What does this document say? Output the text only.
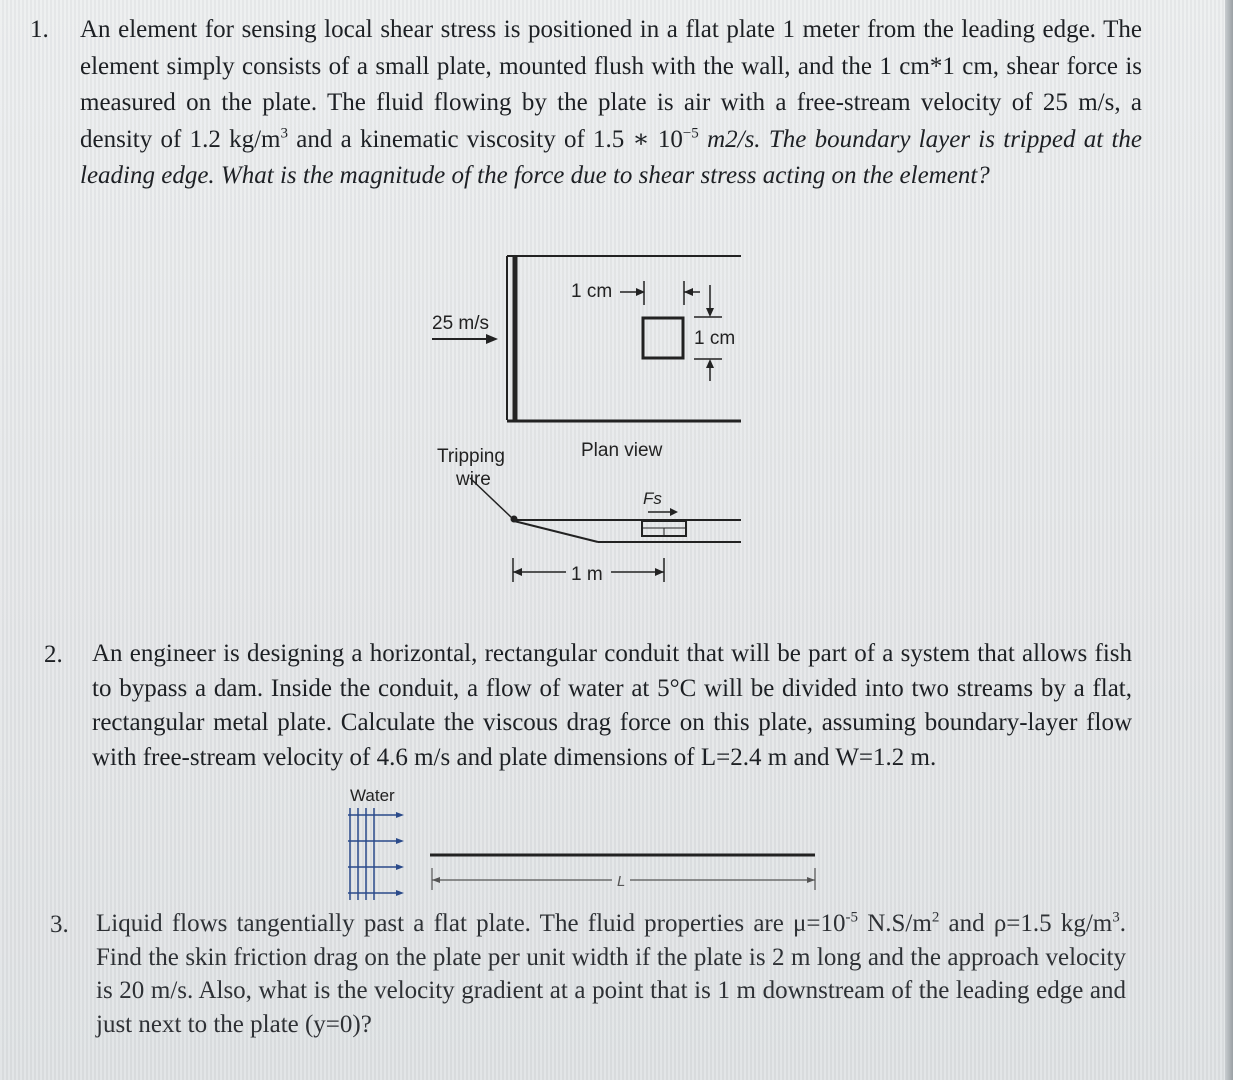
1. An element for sensing local shear stress is positioned in a flat plate 1 meter from the leading edge. The element simply consists of a small plate, mounted flush with the wall, and the 1 cm*1 cm, shear force is measured on the plate. The fluid flowing by the plate is air with a free-stream velocity of 25 m/s, a density of 1.2 $kg/m^3$ and a kinematic viscosity of 1.5 ∗ $10^{-5}$ m2/s. The boundary layer is tripped at the leading edge. What is the magnitude of the force due to shear stress acting on the element?
25 m/s
1 cm
1 cm
Plan view
Tripping
wire
Fs
1 m
2. An engineer is designing a horizontal, rectangular conduit that will be part of a system that allows fish to bypass a dam. Inside the conduit, a flow of water at 5°C will be divided into two streams by a flat, rectangular metal plate. Calculate the viscous drag force on this plate, assuming boundary-layer flow with free-stream velocity of 4.6 m/s and plate dimensions of L=2.4 m and W=1.2 m.
Water
L
3. Liquid flows tangentially past a flat plate. The fluid properties are $\mu=10^{-5}$ $N.S/m^2$ and ρ=1.5 $kg/m^3$. Find the skin friction drag on the plate per unit width if the plate is 2 m long and the approach velocity is 20 m/s. Also, what is the velocity gradient at a point that is 1 m downstream of the leading edge and just next to the plate (y=0)?
